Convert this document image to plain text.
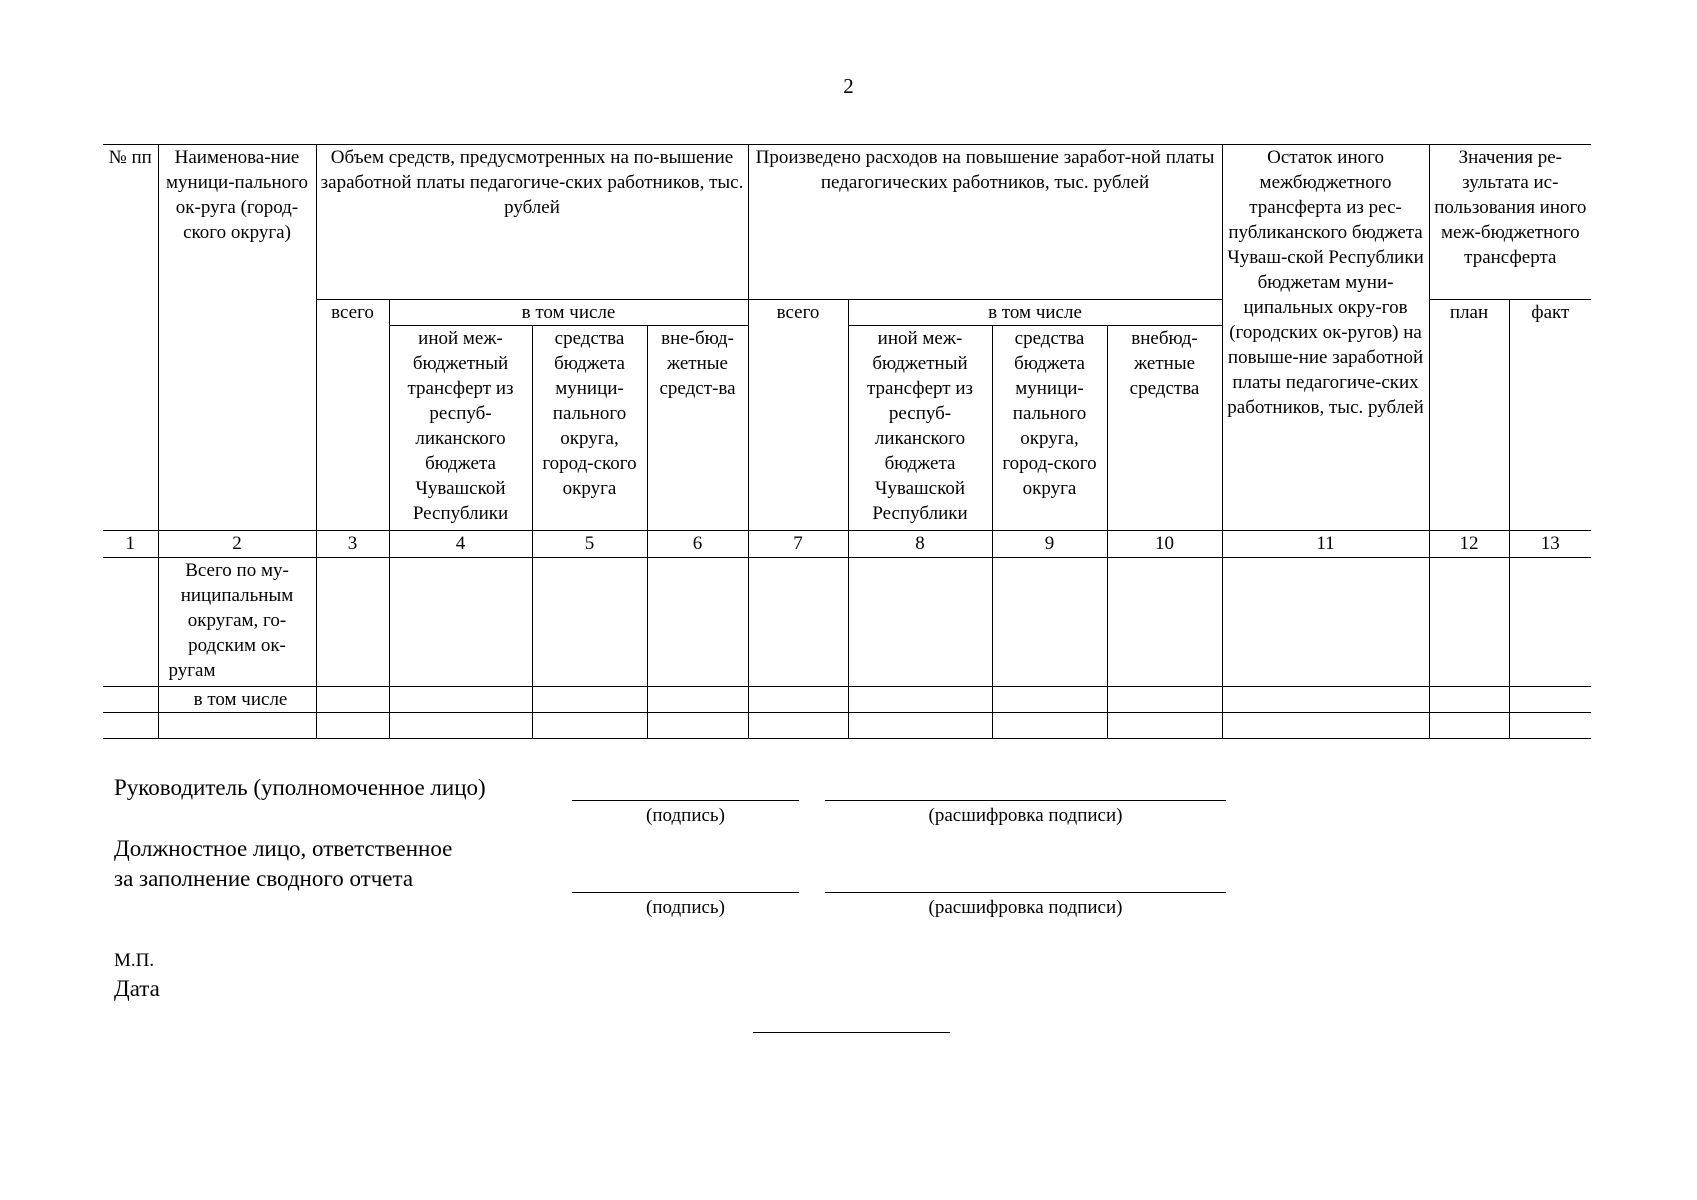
2
№ пп	Наименова-ние муници-пального ок-руга (город-ского округа)	Объем средств, предусмотренных на по-вышение заработной платы педагогиче-ских работников, тыс. рублей				Произведено расходов на повышение заработ-ной платы педагогических работников, тыс. рублей				Остаток иного межбюджетного трансферта из рес-публиканского бюджета Чуваш-ской Республики бюджетам муни-ципальных окру-гов (городских ок-ругов) на повыше-ние заработной платы педагогиче-ских работников, тыс. рублей	Значения ре-зультата ис-пользования иного меж-бюджетного трансферта	
		всего	в том числе			всего	в том числе				план	факт
			иной меж-бюджетный трансферт из респуб-ликанского бюджета Чувашской Республики	средства бюджета муници-пального округа, город-ского округа	вне-бюд-жетные средст-ва		иной меж-бюджетный трансферт из респуб-ликанского бюджета Чувашской Республики	средства бюджета муници-пального округа, город-ского округа	внебюд-жетные средства			
1	2	3	4	5	6	7	8	9	10	11	12	13
	Всего по му-ниципальным округам, го-родским ок-ругам											
	в том числе											

Руководитель (уполномоченное лицо)
(подпись)	(расшифровка подписи)
Должностное лицо, ответственное
за заполнение сводного отчета
(подпись)	(расшифровка подписи)
М.П.
Дата
